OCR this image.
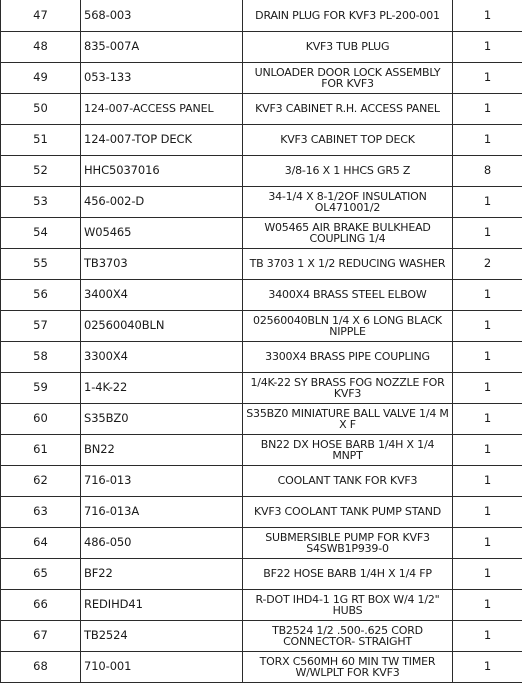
47	568-003	DRAIN PLUG FOR KVF3 PL-200-001	1
48	835-007A	KVF3 TUB PLUG	1
49	053-133	UNLOADER DOOR LOCK ASSEMBLY FOR KVF3	1
50	124-007-ACCESS PANEL	KVF3 CABINET R.H. ACCESS PANEL	1
51	124-007-TOP DECK	KVF3 CABINET TOP DECK	1
52	HHC5037016	3/8-16 X 1 HHCS GR5 Z	8
53	456-002-D	34-1/4 X 8-1/2OF INSULATION OL471001/2	1
54	W05465	W05465 AIR BRAKE BULKHEAD COUPLING 1/4	1
55	TB3703	TB 3703 1 X 1/2 REDUCING WASHER	2
56	3400X4	3400X4 BRASS STEEL ELBOW	1
57	02560040BLN	02560040BLN 1/4 X 6 LONG BLACK NIPPLE	1
58	3300X4	3300X4 BRASS PIPE COUPLING	1
59	1-4K-22	1/4K-22 SY BRASS FOG NOZZLE FOR KVF3	1
60	S35BZ0	S35BZ0 MINIATURE BALL VALVE 1/4 M X F	1
61	BN22	BN22 DX HOSE BARB 1/4H X 1/4 MNPT	1
62	716-013	COOLANT TANK FOR KVF3	1
63	716-013A	KVF3 COOLANT TANK PUMP STAND	1
64	486-050	SUBMERSIBLE PUMP FOR KVF3 S4SWB1P939-0	1
65	BF22	BF22 HOSE BARB 1/4H X 1/4 FP	1
66	REDIHD41	R-DOT IHD4-1 1G RT BOX W/4 1/2" HUBS	1
67	TB2524	TB2524 1/2 .500-.625 CORD CONNECTOR- STRAIGHT	1
68	710-001	TORX C560MH 60 MIN TW TIMER W/WLPLT FOR KVF3	1
